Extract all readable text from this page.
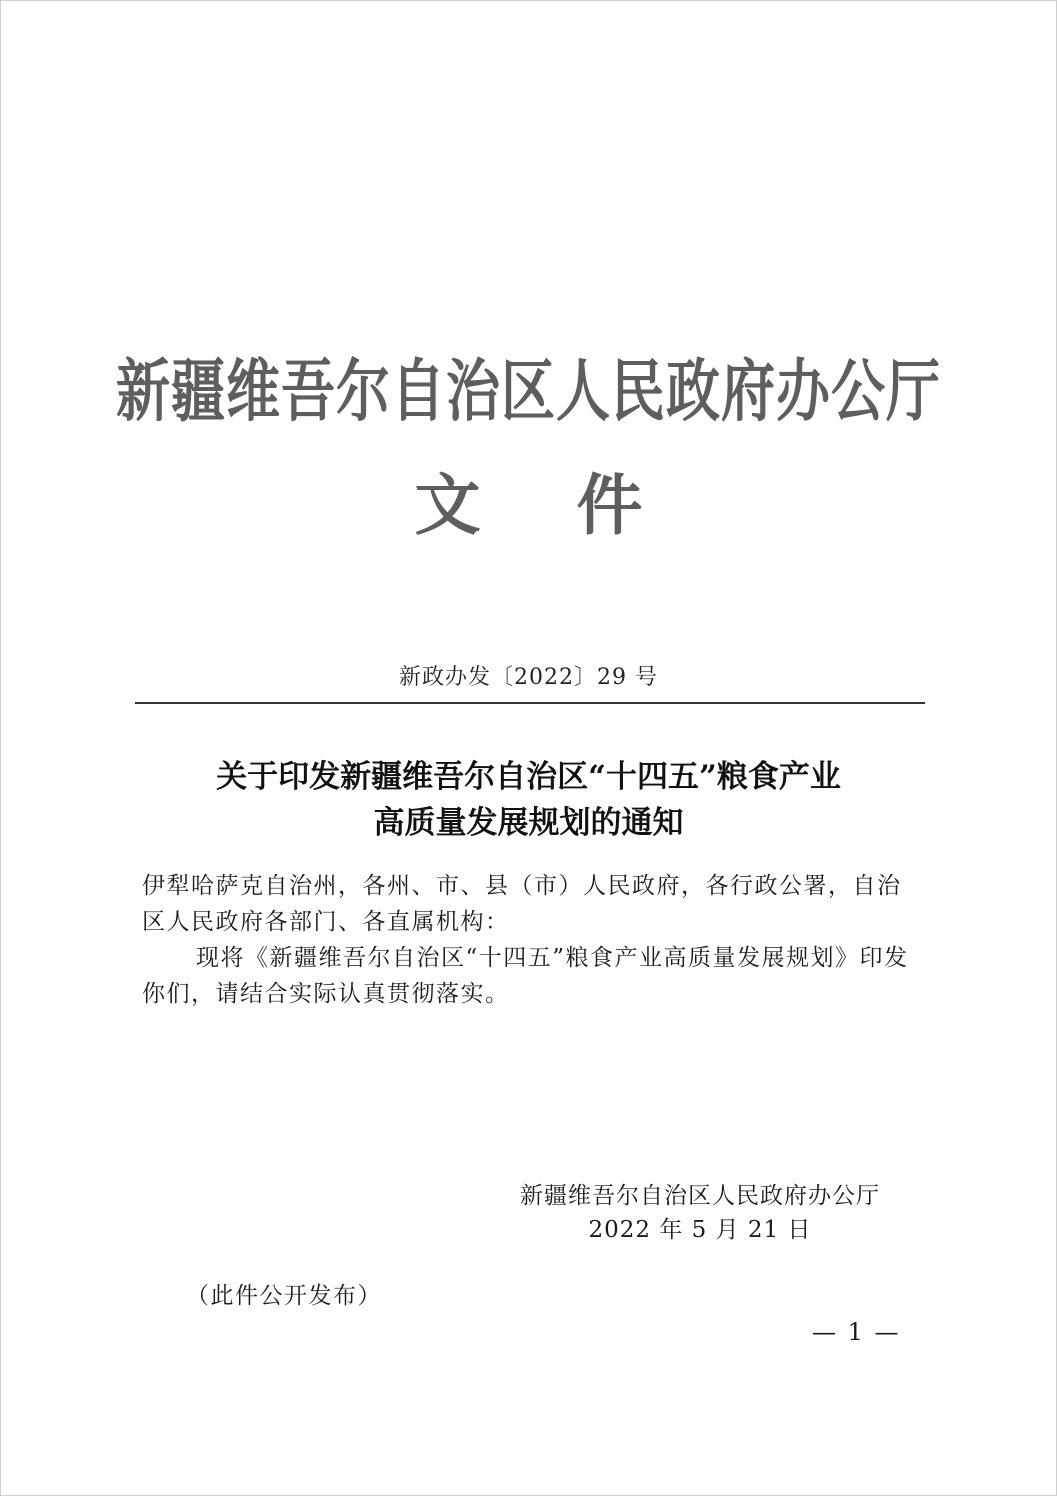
新疆维吾尔自治区人民政府办公厅
文件
新政办发〔2022〕29 号
关于印发新疆维吾尔自治区“十四五”粮食产业
高质量发展规划的通知

伊犁哈萨克自治州，各州、市、县（市）人民政府，各行政公署，自治区人民政府各部门、各直属机构：

现将《新疆维吾尔自治区“十四五”粮食产业高质量发展规划》印发你们，请结合实际认真贯彻落实。

新疆维吾尔自治区人民政府办公厅
2022 年 5 月 21 日
（此件公开发布）
— 1 —
